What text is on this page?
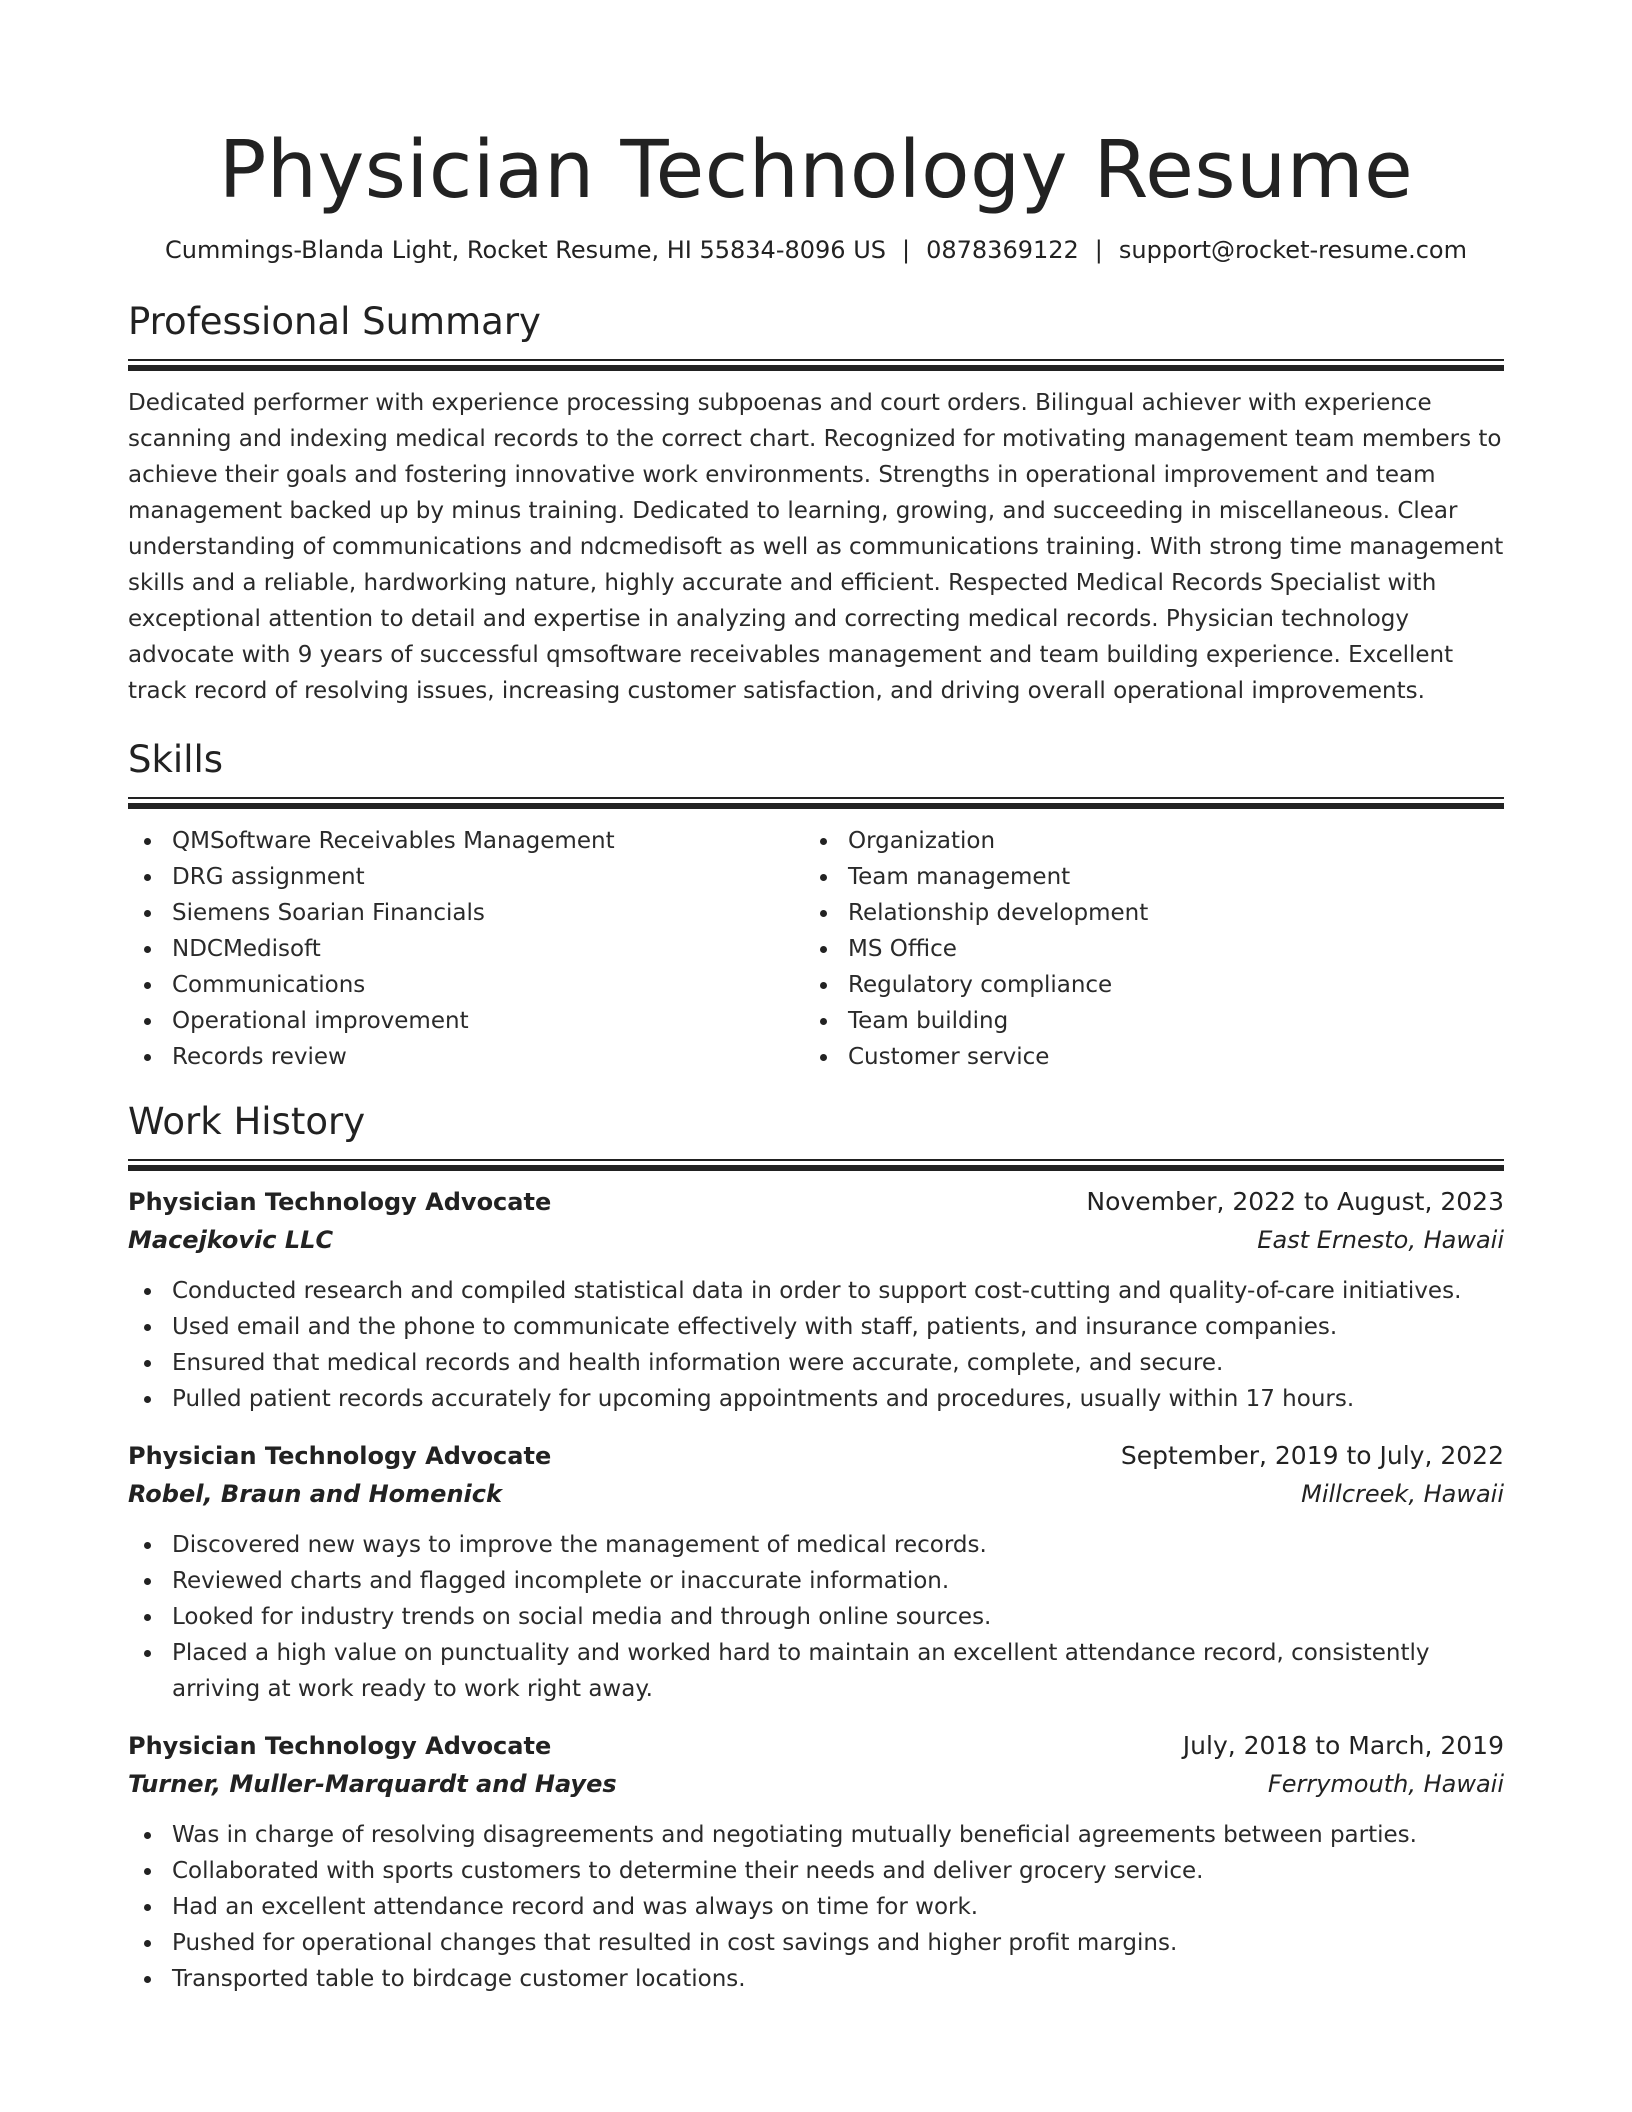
Physician Technology Resume
Cummings-Blanda Light, Rocket Resume, HI 55834-8096 US | 0878369122 | support@rocket-resume.com
Professional Summary
Dedicated performer with experience processing subpoenas and court orders. Bilingual achiever with experience scanning and indexing medical records to the correct chart. Recognized for motivating management team members to achieve their goals and fostering innovative work environments. Strengths in operational improvement and team management backed up by minus training. Dedicated to learning, growing, and succeeding in miscellaneous. Clear understanding of communications and ndcmedisoft as well as communications training. With strong time management skills and a reliable, hardworking nature, highly accurate and efficient. Respected Medical Records Specialist with exceptional attention to detail and expertise in analyzing and correcting medical records. Physician technology advocate with 9 years of successful qmsoftware receivables management and team building experience. Excellent track record of resolving issues, increasing customer satisfaction, and driving overall operational improvements.
Skills
QMSoftware Receivables Management
DRG assignment
Siemens Soarian Financials
NDCMedisoft
Communications
Operational improvement
Records review
Organization
Team management
Relationship development
MS Office
Regulatory compliance
Team building
Customer service
Work History
Physician Technology Advocate	November, 2022 to August, 2023
Macejkovic LLC	East Ernesto, Hawaii
Conducted research and compiled statistical data in order to support cost-cutting and quality-of-care initiatives.
Used email and the phone to communicate effectively with staff, patients, and insurance companies.
Ensured that medical records and health information were accurate, complete, and secure.
Pulled patient records accurately for upcoming appointments and procedures, usually within 17 hours.
Physician Technology Advocate	September, 2019 to July, 2022
Robel, Braun and Homenick	Millcreek, Hawaii
Discovered new ways to improve the management of medical records.
Reviewed charts and flagged incomplete or inaccurate information.
Looked for industry trends on social media and through online sources.
Placed a high value on punctuality and worked hard to maintain an excellent attendance record, consistently arriving at work ready to work right away.
Physician Technology Advocate	July, 2018 to March, 2019
Turner, Muller-Marquardt and Hayes	Ferrymouth, Hawaii
Was in charge of resolving disagreements and negotiating mutually beneficial agreements between parties.
Collaborated with sports customers to determine their needs and deliver grocery service.
Had an excellent attendance record and was always on time for work.
Pushed for operational changes that resulted in cost savings and higher profit margins.
Transported table to birdcage customer locations.
